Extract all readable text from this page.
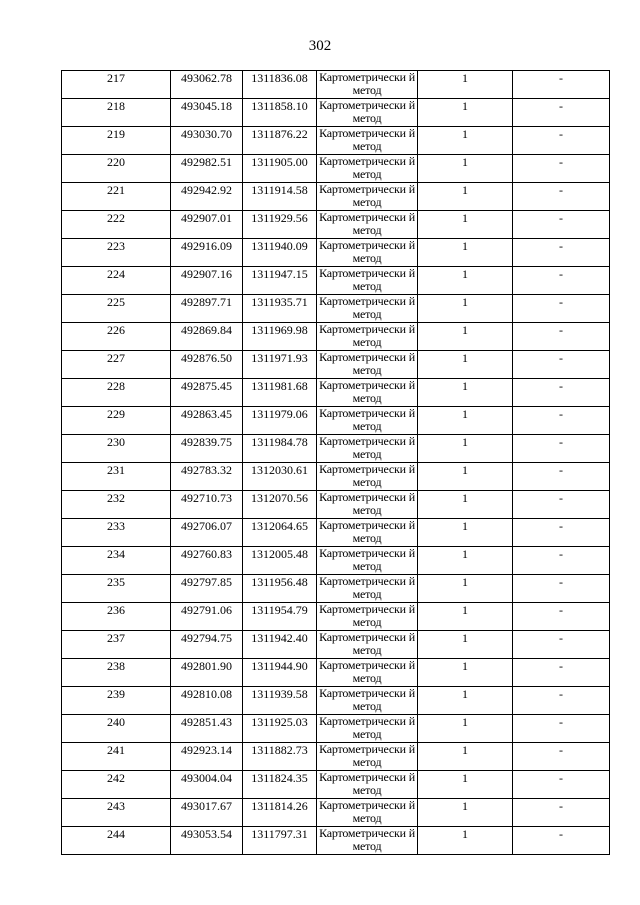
302
217	493062.78	1311836.08	Картометрически й метод	1	-
218	493045.18	1311858.10	Картометрически й метод	1	-
219	493030.70	1311876.22	Картометрически й метод	1	-
220	492982.51	1311905.00	Картометрически й метод	1	-
221	492942.92	1311914.58	Картометрически й метод	1	-
222	492907.01	1311929.56	Картометрически й метод	1	-
223	492916.09	1311940.09	Картометрически й метод	1	-
224	492907.16	1311947.15	Картометрически й метод	1	-
225	492897.71	1311935.71	Картометрически й метод	1	-
226	492869.84	1311969.98	Картометрически й метод	1	-
227	492876.50	1311971.93	Картометрически й метод	1	-
228	492875.45	1311981.68	Картометрически й метод	1	-
229	492863.45	1311979.06	Картометрически й метод	1	-
230	492839.75	1311984.78	Картометрически й метод	1	-
231	492783.32	1312030.61	Картометрически й метод	1	-
232	492710.73	1312070.56	Картометрически й метод	1	-
233	492706.07	1312064.65	Картометрически й метод	1	-
234	492760.83	1312005.48	Картометрически й метод	1	-
235	492797.85	1311956.48	Картометрически й метод	1	-
236	492791.06	1311954.79	Картометрически й метод	1	-
237	492794.75	1311942.40	Картометрически й метод	1	-
238	492801.90	1311944.90	Картометрически й метод	1	-
239	492810.08	1311939.58	Картометрически й метод	1	-
240	492851.43	1311925.03	Картометрически й метод	1	-
241	492923.14	1311882.73	Картометрически й метод	1	-
242	493004.04	1311824.35	Картометрически й метод	1	-
243	493017.67	1311814.26	Картометрически й метод	1	-
244	493053.54	1311797.31	Картометрически й метод	1	-
